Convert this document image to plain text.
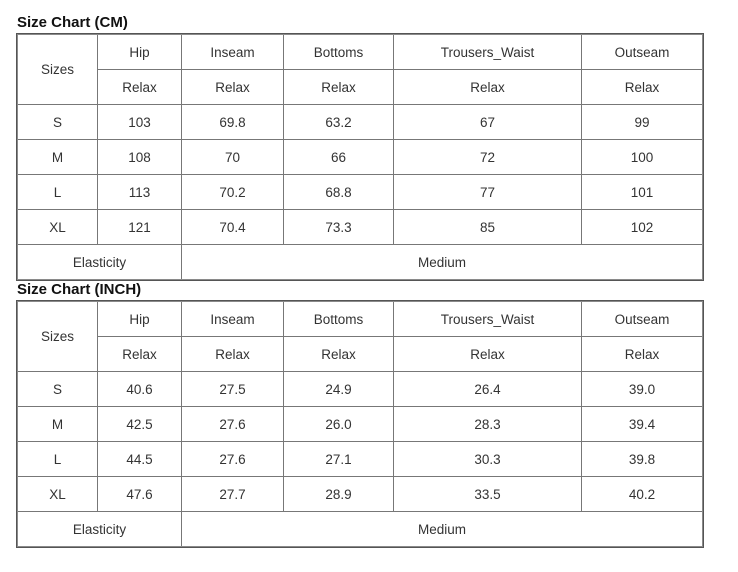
Size Chart (CM)
Sizes	Hip	Inseam	Bottoms	Trousers_Waist	Outseam
	Relax	Relax	Relax	Relax	Relax
S	103	69.8	63.2	67	99
M	108	70	66	72	100
L	113	70.2	68.8	77	101
XL	121	70.4	73.3	85	102
Elasticity		Medium			
Size Chart (INCH)
Sizes	Hip	Inseam	Bottoms	Trousers_Waist	Outseam
	Relax	Relax	Relax	Relax	Relax
S	40.6	27.5	24.9	26.4	39.0
M	42.5	27.6	26.0	28.3	39.4
L	44.5	27.6	27.1	30.3	39.8
XL	47.6	27.7	28.9	33.5	40.2
Elasticity		Medium			
